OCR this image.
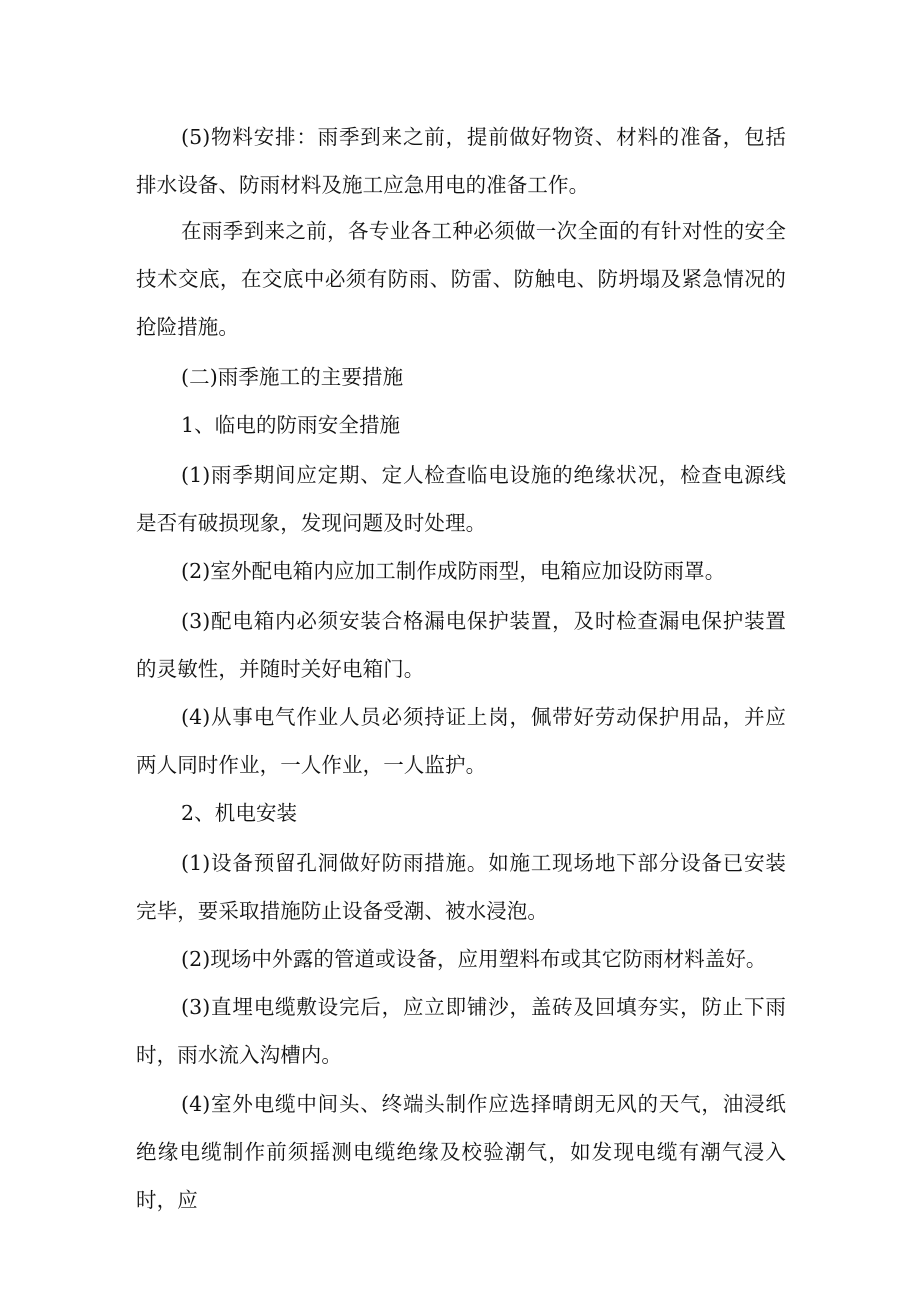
(5)物料安排：雨季到来之前，提前做好物资、材料的准备，包括排水设备、防雨材料及施工应急用电的准备工作。

在雨季到来之前，各专业各工种必须做一次全面的有针对性的安全技术交底，在交底中必须有防雨、防雷、防触电、防坍塌及紧急情况的抢险措施。

(二)雨季施工的主要措施

1、临电的防雨安全措施

(1)雨季期间应定期、定人检查临电设施的绝缘状况，检查电源线是否有破损现象，发现问题及时处理。

(2)室外配电箱内应加工制作成防雨型，电箱应加设防雨罩。

(3)配电箱内必须安装合格漏电保护装置，及时检查漏电保护装置的灵敏性，并随时关好电箱门。

(4)从事电气作业人员必须持证上岗，佩带好劳动保护用品，并应两人同时作业，一人作业，一人监护。

2、机电安装

(1)设备预留孔洞做好防雨措施。如施工现场地下部分设备已安装完毕，要采取措施防止设备受潮、被水浸泡。

(2)现场中外露的管道或设备，应用塑料布或其它防雨材料盖好。

(3)直埋电缆敷设完后，应立即铺沙，盖砖及回填夯实，防止下雨时，雨水流入沟槽内。

(4)室外电缆中间头、终端头制作应选择晴朗无风的天气，油浸纸绝缘电缆制作前须摇测电缆绝缘及校验潮气，如发现电缆有潮气浸入时，应
